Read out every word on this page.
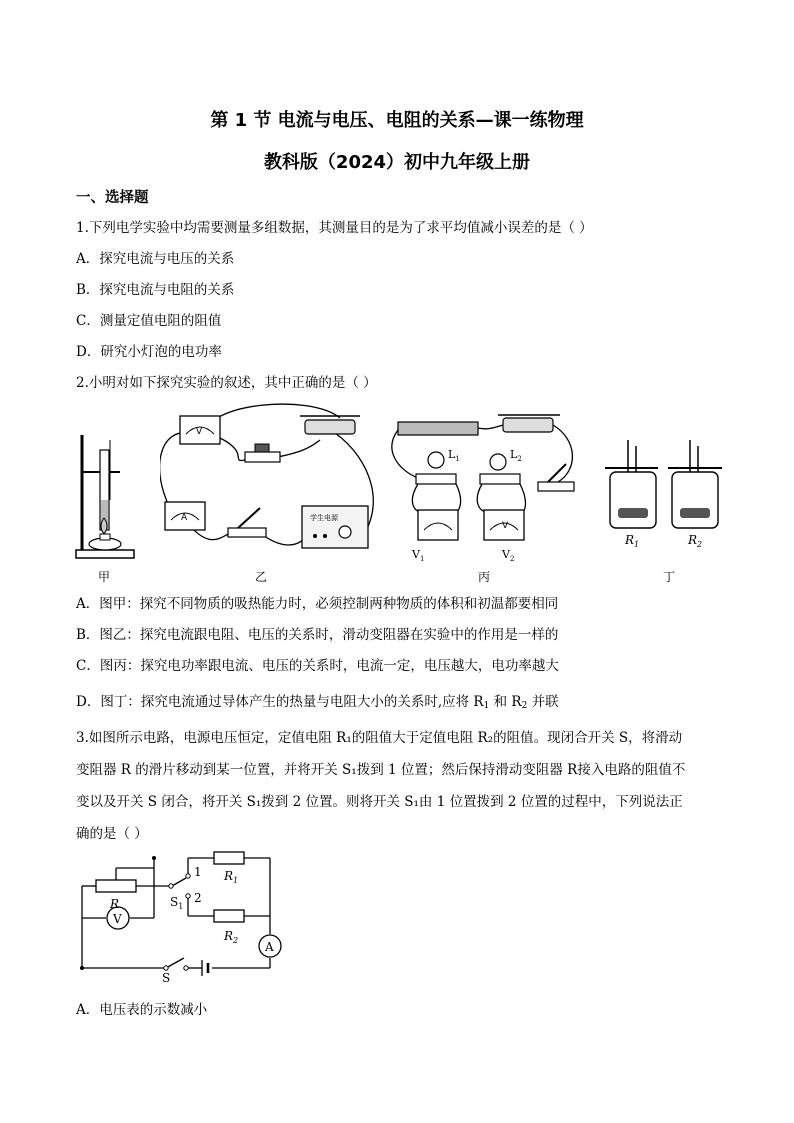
第 1 节 电流与电压、电阻的关系—课一练物理
教科版（2024）初中九年级上册
一、选择题
1.下列电学实验中均需要测量多组数据，其测量目的是为了求平均值减小误差的是（ ）
A．探究电流与电压的关系
B．探究电流与电阻的关系
C．测量定值电阻的阻值
D．研究小灯泡的电功率
2.小明对如下探究实验的叙述，其中正确的是（ ）
V
A	学生电源
$L_1$	$L_2$
$V_1$
V
$V_2$
$R_1$	$R_2$
甲	乙	丙	丁
A．图甲：探究不同物质的吸热能力时，必须控制两种物质的体积和初温都要相同
B．图乙：探究电流跟电阻、电压的关系时，滑动变阻器在实验中的作用是一样的
C．图丙：探究电功率跟电流、电压的关系时，电流一定，电压越大，电功率越大
D．图丁：探究电流通过导体产生的热量与电阻大小的关系时,应将 $R_1$ 和 $R_2$ 并联
3.如图所示电路，电源电压恒定，定值电阻 R₁的阻值大于定值电阻 R₂的阻值。现闭合开关 S，将滑动
变阻器 R 的滑片移动到某一位置，并将开关 S₁拨到 1 位置；然后保持滑动变阻器 R接入电路的阻值不
变以及开关 S 闭合，将开关 S₁拨到 2 位置。则将开关 S₁由 1 位置拨到 2 位置的过程中，下列说法正
确的是（ ）
V
A
R
$R_1$
$R_2$
1
2
$S_1$
S
A．电压表的示数减小
